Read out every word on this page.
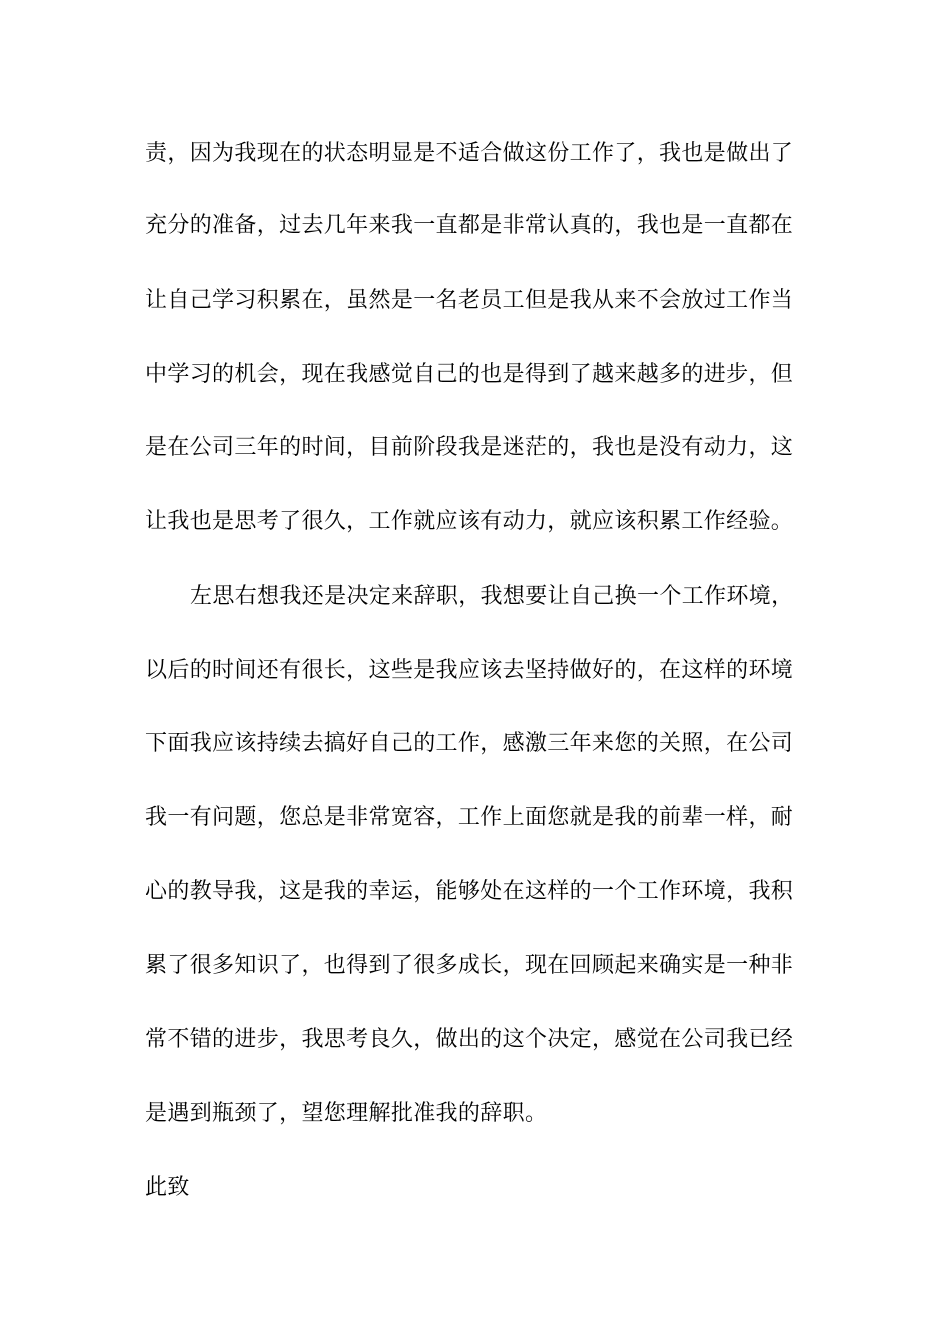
责，因为我现在的状态明显是不适合做这份工作了，我也是做出了
充分的准备，过去几年来我一直都是非常认真的，我也是一直都在
让自己学习积累在，虽然是一名老员工但是我从来不会放过工作当
中学习的机会，现在我感觉自己的也是得到了越来越多的进步，但
是在公司三年的时间，目前阶段我是迷茫的，我也是没有动力，这
让我也是思考了很久，工作就应该有动力，就应该积累工作经验。
左思右想我还是决定来辞职，我想要让自己换一个工作环境，
以后的时间还有很长，这些是我应该去坚持做好的，在这样的环境
下面我应该持续去搞好自己的工作，感激三年来您的关照，在公司
我一有问题，您总是非常宽容，工作上面您就是我的前辈一样，耐
心的教导我，这是我的幸运，能够处在这样的一个工作环境，我积
累了很多知识了，也得到了很多成长，现在回顾起来确实是一种非
常不错的进步，我思考良久，做出的这个决定，感觉在公司我已经
是遇到瓶颈了，望您理解批准我的辞职。
此致
